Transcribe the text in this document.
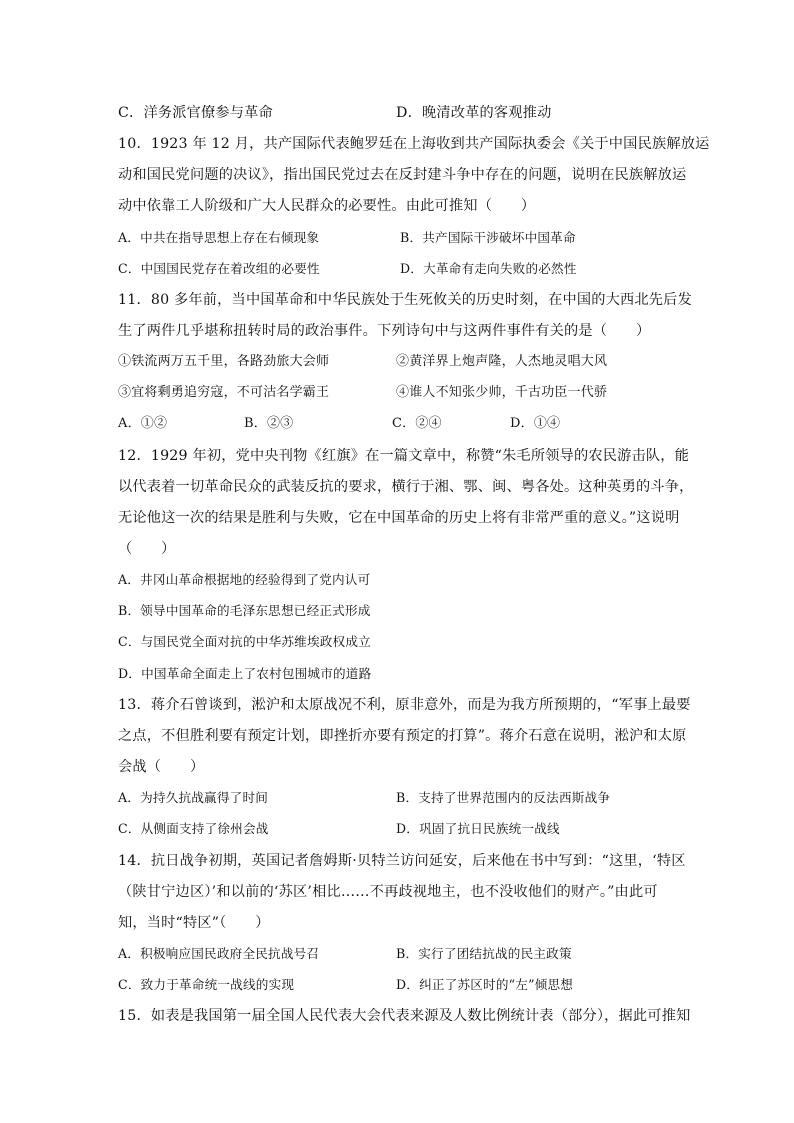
C．洋务派官僚参与革命	D．晚清改革的客观推动
10．1923 年 12 月，共产国际代表鲍罗廷在上海收到共产国际执委会《关于中国民族解放运
动和国民党问题的决议》，指出国民党过去在反封建斗争中存在的问题，说明在民族解放运
动中依靠工人阶级和广大人民群众的必要性。由此可推知（　　）
A．中共在指导思想上存在右倾现象	B．共产国际干涉破坏中国革命
C．中国国民党存在着改组的必要性	D．大革命有走向失败的必然性
11．80 多年前，当中国革命和中华民族处于生死攸关的历史时刻，在中国的大西北先后发
生了两件几乎堪称扭转时局的政治事件。下列诗句中与这两件事件有关的是（　　）
①铁流两万五千里，各路劲旅大会师	②黄洋界上炮声隆，人杰地灵唱大风
③宜将剩勇追穷寇，不可沽名学霸王	④谁人不知张少帅，千古功臣一代骄
A．①②	B．②③	C．②④	D．①④
12．1929 年初，党中央刊物《红旗》在一篇文章中，称赞“朱毛所领导的农民游击队，能
以代表着一切革命民众的武装反抗的要求，横行于湘、鄂、闽、粤各处。这种英勇的斗争，
无论他这一次的结果是胜利与失败，它在中国革命的历史上将有非常严重的意义。”这说明
（　　）
A．井冈山革命根据地的经验得到了党内认可
B．领导中国革命的毛泽东思想已经正式形成
C．与国民党全面对抗的中华苏维埃政权成立
D．中国革命全面走上了农村包围城市的道路
13．蒋介石曾谈到，淞沪和太原战况不利，原非意外，而是为我方所预期的，“军事上最要
之点，不但胜利要有预定计划，即挫折亦要有预定的打算”。蒋介石意在说明，淞沪和太原
会战（　　）
A．为持久抗战赢得了时间	B．支持了世界范围内的反法西斯战争
C．从侧面支持了徐州会战	D．巩固了抗日民族统一战线
14．抗日战争初期，英国记者詹姆斯·贝特兰访问延安，后来他在书中写到：“这里，‘特区
（陕甘宁边区）’和以前的‘苏区’相比……不再歧视地主，也不没收他们的财产。”由此可
知，当时“特区”（　　）
A．积极响应国民政府全民抗战号召	B．实行了团结抗战的民主政策
C．致力于革命统一战线的实现	D．纠正了苏区时的“左”倾思想
15．如表是我国第一届全国人民代表大会代表来源及人数比例统计表（部分），据此可推知
